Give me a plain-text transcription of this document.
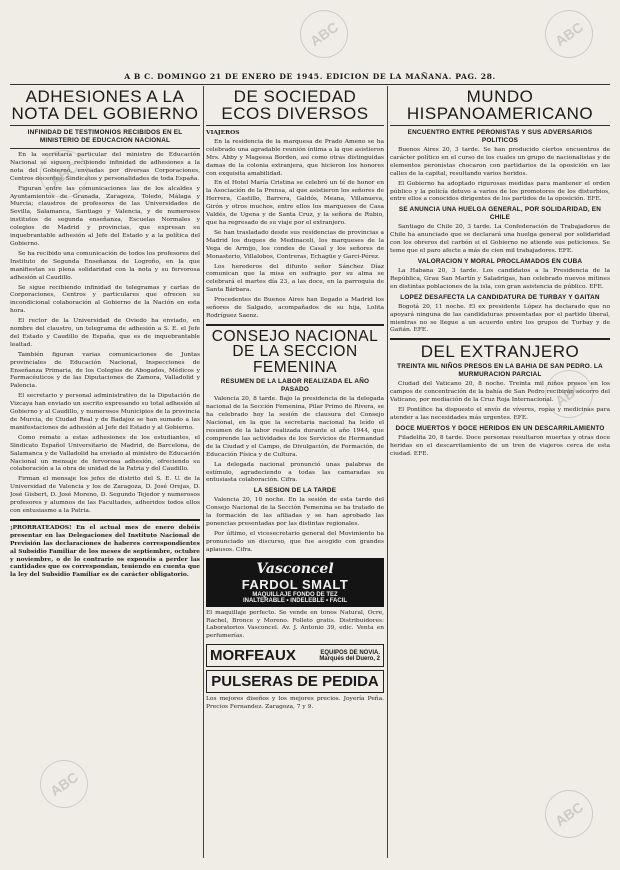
A B C. DOMINGO 21 DE ENERO DE 1945. EDICION DE LA MAÑANA. PAG. 28.
ADHESIONES A LA NOTA DEL GOBIERNO
INFINIDAD DE TESTIMONIOS RECIBIDOS EN EL MINISTERIO DE EDUCACION NACIONAL

En la secretaría particular del ministro de Educación Nacional se siguen recibiendo infinidad de adhesiones a la nota del Gobierno, enviadas por diversas Corporaciones, Centros docentes, Sindicatos y personalidades de toda España.

Figuran entre las comunicaciones las de los alcaldes y Ayuntamientos de Granada, Zaragoza, Toledo, Málaga y Murcia; claustros de profesores de las Universidades de Sevilla, Salamanca, Santiago y Valencia, y de numerosos institutos de segunda enseñanza, Escuelas Normales y colegios de Madrid y provincias, que expresan su inquebrantable adhesión al Jefe del Estado y a la política del Gobierno.

Se ha recibido una comunicación de todos los profesores del Instituto de Segunda Enseñanza de Logroño, en la que manifiestan su plena solidaridad con la nota y su fervorosa adhesión al Caudillo.

Se sigue recibiendo infinidad de telegramas y cartas de Corporaciones, Centros y particulares que ofrecen su incondicional colaboración al Gobierno de la Nación en esta hora.

El rector de la Universidad de Oviedo ha enviado, en nombre del claustro, un telegrama de adhesión a S. E. el Jefe del Estado y Caudillo de España, que es de inquebrantable lealtad.

También figuran varias comunicaciones de Juntas provinciales de Educación Nacional, Inspecciones de Enseñanza Primaria, de los Colegios de Abogados, Médicos y Farmacéuticos y de las Diputaciones de Zamora, Valladolid y Palencia.

El secretario y personal administrativo de la Diputación de Vizcaya han enviado un escrito expresando su total adhesión al Gobierno y al Caudillo, y numerosos Municipios de la provincia de Murcia, de Ciudad Real y de Badajoz se han sumado a las manifestaciones de adhesión al Jefe del Estado y al Gobierno.

Como remate a estas adhesiones de los estudiantes, el Sindicato Español Universitario de Madrid, de Barcelona, de Salamanca y de Valladolid ha enviado al ministro de Educación Nacional un mensaje de fervorosa adhesión, ofreciendo su colaboración a la obra de unidad de la Patria y del Caudillo.

Firman el mensaje los jefes de distrito del S. E. U. de la Universidad de Valencia y los de Zaragoza, D. José Orejas, D. José Gisbert, D. José Moreno, D. Segundo Tejedor y numerosos profesores y alumnos de las Facultades, adheridos todos ellos con entusiasmo a la Patria.

¡PRORRATEADOS! En el actual mes de enero debéis presentar en las Delegaciones del Instituto Nacional de Previsión las declaraciones de haberes correspondientes al Subsidio Familiar de los meses de septiembre, octubre y noviembre, o de lo contrario os exponéis a perder las cantidades que os correspondan, teniendo en cuenta que la ley del Subsidio Familiar es de carácter obligatorio.

DE SOCIEDAD ECOS DIVERSOS

VIAJEROS

En la residencia de la marquesa de Prado Ameno se ha celebrado una agradable reunión íntima a la que asistieron Mrs. Abby y Mageesa Borden, así como otras distinguidas damas de la colonia extranjera, que hicieron los honores con exquisita amabilidad.

En el Hotel María Cristina se celebró un té de honor en la Asociación de la Prensa, al que asistieron los señores de Herrera, Castillo, Barrera, Galdós, Meana, Villanueva, Girón y otros muchos, entre ellos los marqueses de Casa Valdés, de Ugena y de Santa Cruz, y la señora de Rubio, que ha regresado de su viaje por el extranjero.

Se han trasladado desde sus residencias de provincias a Madrid los duques de Medinaceli, los marqueses de la Vega de Armijo, los condes de Casal y los señores de Monasterio, Villalobos, Contreras, Echagüe y Garci-Pérez.

Los herederos del difunto señor Sánchez Díaz comunican que la misa en sufragio por su alma se celebrará el martes día 23, a las doce, en la parroquia de Santa Bárbara.

Procedentes de Buenos Aires han llegado a Madrid los señores de Salgado, acompañados de su hija, Lolita Rodríguez Saenz.

CONSEJO NACIONAL DE LA SECCION FEMENINA
RESUMEN DE LA LABOR REALIZADA EL AÑO PASADO

Valencia 20, 8 tarde. Bajo la presidencia de la delegada nacional de la Sección Femenina, Pilar Primo de Rivera, se ha celebrado hoy la sesión de clausura del Consejo Nacional, en la que la secretaria nacional ha leído el resumen de la labor realizada durante el año 1944, que comprende las actividades de los Servicios de Hermandad de la Ciudad y el Campo, de Divulgación, de Formación, de Educación Física y de Cultura.

La delegada nacional pronunció unas palabras de estímulo, agradeciendo a todas las camaradas su entusiasta colaboración. Cifra.

LA SESION DE LA TARDE

Valencia 20, 10 noche. En la sesión de esta tarde del Consejo Nacional de la Sección Femenina se ha tratado de la formación de las afiliadas y se han aprobado las ponencias presentadas por las distintas regionales.

Por último, el vicesecretario general del Movimiento ha pronunciado un discurso, que fue acogido con grandes aplausos. Cifra.

Vasconcel
FARDOL SMALT
MAQUILLAJE FONDO DE TEZ
INALTERABLE • INDELEBLE • FACIL

El maquillaje perfecto. Se vende en tonos Natural, Ocre, Rachel, Bronce y Moreno. Folleto gratis. Distribuidores: Laboratorios Vasconcel. Av. J. Antonio 39, edic. Venta en perfumerías.

MORFEAUX	EQUIPOS DE NOVIA. Marqués del Duero, 2
PULSERAS DE PEDIDA

Los mejores diseños y los mejores precios. Joyería Peña. Precios Fernandez. Zaragoza, 7 y 9.

MUNDO HISPANOAMERICANO
ENCUENTRO ENTRE PERONISTAS Y SUS ADVERSARIOS POLITICOS

Buenos Aires 20, 3 tarde. Se han producido ciertos encuentros de carácter político en el curso de los cuales un grupo de nacionalistas y de elementos peronistas chocaron con partidarios de la oposición en las calles de la capital, resultando varios heridos.

El Gobierno ha adoptado rigurosas medidas para mantener el orden público y la policía detuvo a varios de los promotores de los disturbios, entre ellos a conocidos dirigentes de los partidos de la oposición. EFE.

SE ANUNCIA UNA HUELGA GENERAL, POR SOLIDARIDAD, EN CHILE

Santiago de Chile 20, 3 tarde. La Confederación de Trabajadores de Chile ha anunciado que se declarará una huelga general por solidaridad con los obreros del carbón si el Gobierno no atiende sus peticiones. Se teme que el paro afecte a más de cien mil trabajadores. EFE.

VALORACION Y MORAL PROCLAMADOS EN CUBA

La Habana 20, 3 tarde. Los candidatos a la Presidencia de la República, Grau San Martín y Saladrigas, han celebrado nuevos mítines en distintas poblaciones de la isla, con gran asistencia de público. EFE.

LOPEZ DESAFECTA LA CANDIDATURA DE TURBAY Y GAITAN

Bogotá 20, 11 noche. El ex presidente López ha declarado que no apoyará ninguna de las candidaturas presentadas por el partido liberal, mientras no se llegue a un acuerdo entre los grupos de Turbay y de Gaitán. EFE.

DEL EXTRANJERO
TREINTA MIL NIÑOS PRESOS EN LA BAHIA DE SAN PEDRO. LA MURMURACION PARCIAL

Ciudad del Vaticano 20, 8 noche. Treinta mil niños presos en los campos de concentración de la bahía de San Pedro recibirán socorro del Vaticano, por mediación de la Cruz Roja Internacional.

El Pontífice ha dispuesto el envío de víveres, ropas y medicinas para atender a las necesidades más urgentes. EFE.

DOCE MUERTOS Y DOCE HERIDOS EN UN DESCARRILAMIENTO

Filadelfia 20, 8 tarde. Doce personas resultaron muertas y otras doce heridas en el descarrilamiento de un tren de viajeros cerca de esta ciudad. EFE.

ABC
ABC
ABC
ABC
ABC
ABC
